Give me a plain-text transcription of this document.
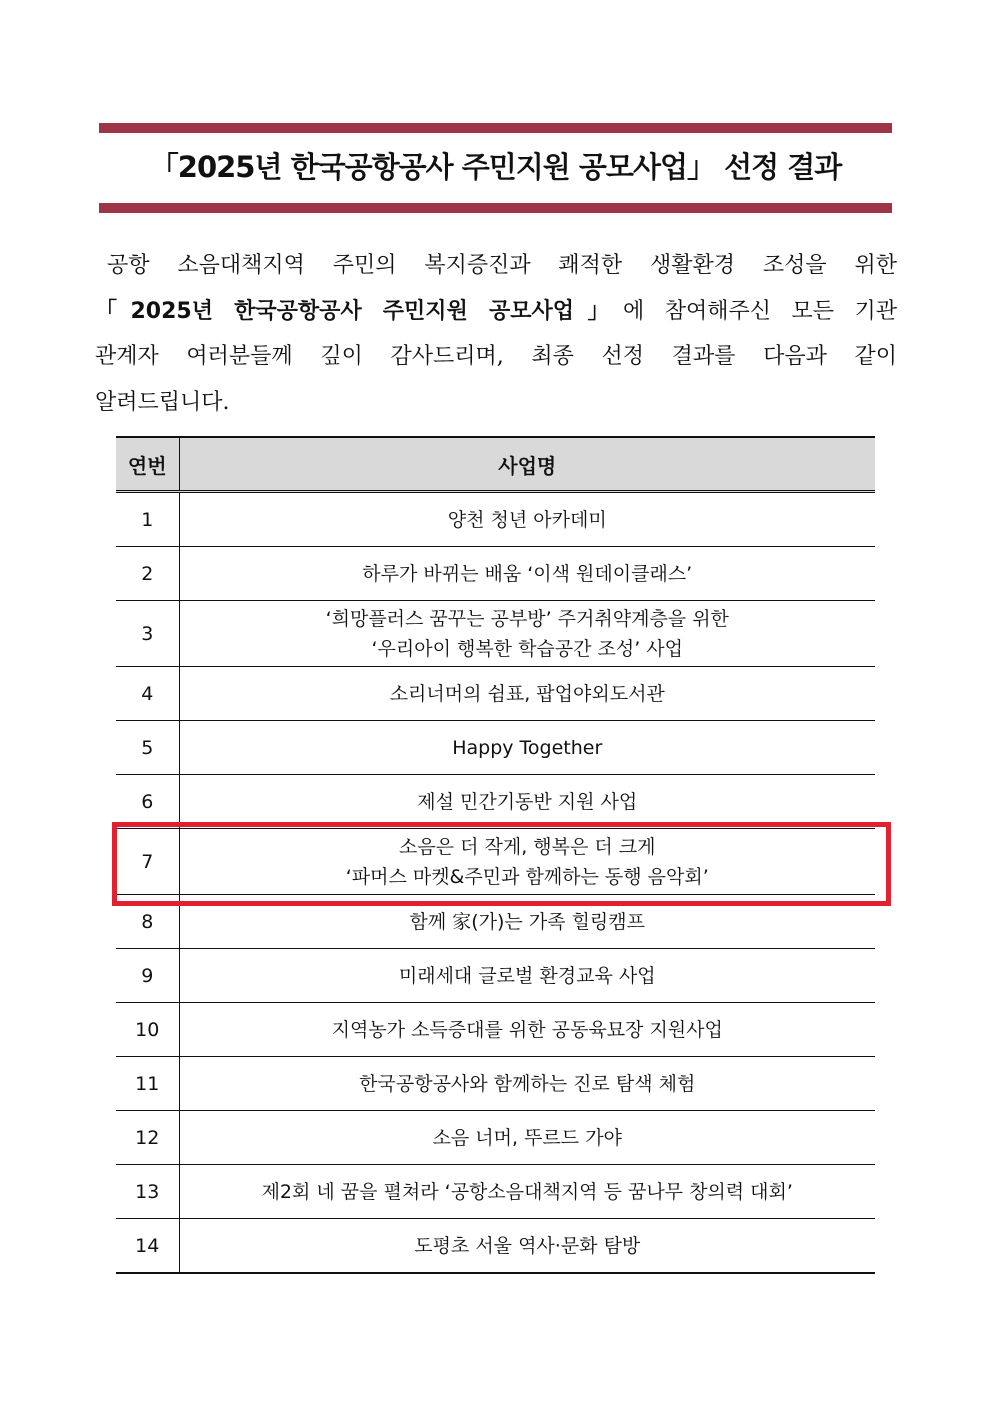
「2025년 한국공항공사 주민지원 공모사업」 선정 결과
공항 소음대책지역 주민의 복지증진과 쾌적한 생활환경 조성을 위한
「2025년 한국공항공사 주민지원 공모사업」에 참여해주신 모든 기관
관계자 여러분들께 깊이 감사드리며, 최종 선정 결과를 다음과 같이
알려드립니다.
연번	사업명
1	양천 청년 아카데미

2	하루가 바뀌는 배움 ‘이색 원데이클래스’

3	‘희망플러스 꿈꾸는 공부방’ 주거취약계층을 위한
‘우리아이 행복한 학습공간 조성’ 사업

4	소리너머의 쉼표, 팝업야외도서관

5	Happy Together

6	제설 민간기동반 지원 사업

7	소음은 더 작게, 행복은 더 크게
‘파머스 마켓&주민과 함께하는 동행 음악회’

8	함께 家(가)는 가족 힐링캠프

9	미래세대 글로벌 환경교육 사업

10	지역농가 소득증대를 위한 공동육묘장 지원사업

11	한국공항공사와 함께하는 진로 탐색 체험

12	소음 너머, 뚜르드 가야

13	제2회 네 꿈을 펼쳐라 ‘공항소음대책지역 등 꿈나무 창의력 대회’

14	도평초 서울 역사·문화 탐방
